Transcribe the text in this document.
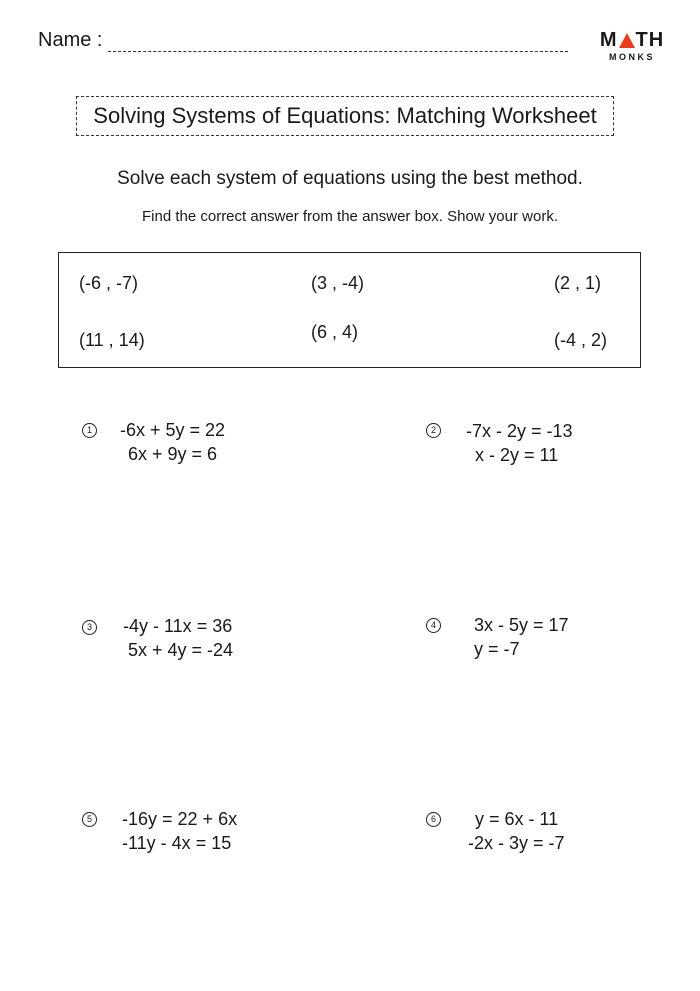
Name :	M TH
MONKS
Solving Systems of Equations: Matching Worksheet
Solve each system of equations using the best method.
Find the correct answer from the answer box. Show your work.
(-6 , -7)	(3 , -4)	(2 , 1)
(11 , 14)	(6 , 4)	(-4 , 2)
1 -6x + 5y = 22
6x + 9y = 6
2 -7x - 2y = -13
x - 2y = 11
3 -4y - 11x = 36
5x + 4y = -24
4 3x - 5y = 17
y = -7
5 -16y = 22 + 6x
-11y - 4x = 15
6 y = 6x - 11
-2x - 3y = -7
